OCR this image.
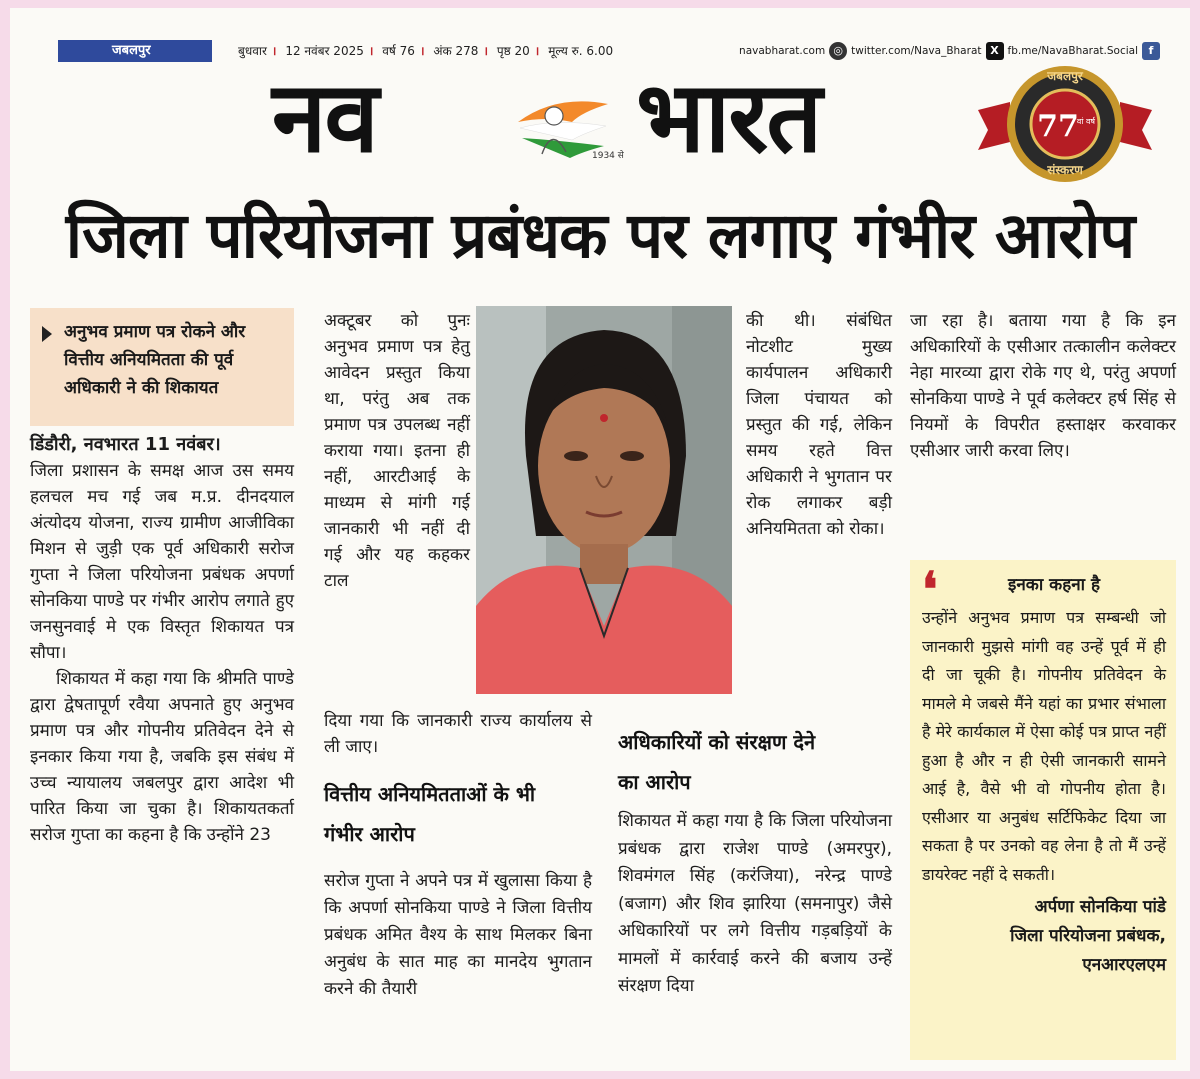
जबलपुर	बुधवार । 12 नवंबर 2025 । वर्ष 76 । अंक 278 । पृष्ठ 20 । मूल्य रु. 6.00	navabharat.com ◎ twitter.com/Nava_Bharat X fb.me/NavaBharat.Social f
नव	1934 से भारत	जबलपुर
77
वां वर्ष
संस्करण
जिला परियोजना प्रबंधक पर लगाए गंभीर आरोप
अनुभव प्रमाण पत्र रोकने और वित्तीय अनियमितता की पूर्व अधिकारी ने की शिकायत

डिंडौरी, नवभारत 11 नवंबर।

जिला प्रशासन के समक्ष आज उस समय हलचल मच गई जब म.प्र. दीनदयाल अंत्योदय योजना, राज्य ग्रामीण आजीविका मिशन से जुड़ी एक पूर्व अधिकारी सरोज गुप्ता ने जिला परियोजना प्रबंधक अपर्णा सोनकिया पाण्डे पर गंभीर आरोप लगाते हुए जनसुनवाई मे एक विस्तृत शिकायत पत्र सौपा।

शिकायत में कहा गया कि श्रीमति पाण्डे द्वारा द्वेषतापूर्ण रवैया अपनाते हुए अनुभव प्रमाण पत्र और गोपनीय प्रतिवेदन देने से इनकार किया गया है, जबकि इस संबंध में उच्च न्यायालय जबलपुर द्वारा आदेश भी पारित किया जा चुका है। शिकायतकर्ता सरोज गुप्ता का कहना है कि उन्होंने 23

अक्टूबर को पुनः अनुभव प्रमाण पत्र हेतु आवेदन प्रस्तुत किया था, परंतु अब तक प्रमाण पत्र उपलब्ध नहीं कराया गया। इतना ही नहीं, आरटीआई के माध्यम से मांगी गई जानकारी भी नहीं दी गई और यह कहकर टाल

दिया गया कि जानकारी राज्य कार्यालय से ली जाए।

वित्तीय अनियमितताओं के भी गंभीर आरोप

सरोज गुप्ता ने अपने पत्र में खुलासा किया है कि अपर्णा सोनकिया पाण्डे ने जिला वित्तीय प्रबंधक अमित वैश्य के साथ मिलकर बिना अनुबंध के सात माह का मानदेय भुगतान करने की तैयारी

की थी। संबंधित नोटशीट मुख्य कार्यपालन अधिकारी जिला पंचायत को प्रस्तुत की गई, लेकिन समय रहते वित्त अधिकारी ने भुगतान पर रोक लगाकर बड़ी अनियमितता को रोका।

अधिकारियों को संरक्षण देने का आरोप

शिकायत में कहा गया है कि जिला परियोजना प्रबंधक द्वारा राजेश पाण्डे (अमरपुर), शिवमंगल सिंह (करंजिया), नरेन्द्र पाण्डे (बजाग) और शिव झारिया (समनापुर) जैसे अधिकारियों पर लगे वित्तीय गड़बड़ियों के मामलों में कार्रवाई करने की बजाय उन्हें संरक्षण दिया

जा रहा है। बताया गया है कि इन अधिकारियों के एसीआर तत्कालीन कलेक्टर नेहा मारव्या द्वारा रोके गए थे, परंतु अपर्णा सोनकिया पाण्डे ने पूर्व कलेक्टर हर्ष सिंह से नियमों के विपरीत हस्ताक्षर करवाकर एसीआर जारी करवा लिए।

❛	इनका कहना है
उन्होंने अनुभव प्रमाण पत्र सम्बन्धी जो जानकारी मुझसे मांगी वह उन्हें पूर्व में ही दी जा चूकी है। गोपनीय प्रतिवेदन के मामले मे जबसे मैंने यहां का प्रभार संभाला है मेरे कार्यकाल में ऐसा कोई पत्र प्राप्त नहीं हुआ है और न ही ऐसी जानकारी सामने आई है, वैसे भी वो गोपनीय होता है। एसीआर या अनुबंध सर्टिफिकेट दिया जा सकता है पर उनको वह लेना है तो मैं उन्हें डायरेक्ट नहीं दे सकती।
अर्पणा सोनकिया पांडे
जिला परियोजना प्रबंधक,
एनआरएलएम
